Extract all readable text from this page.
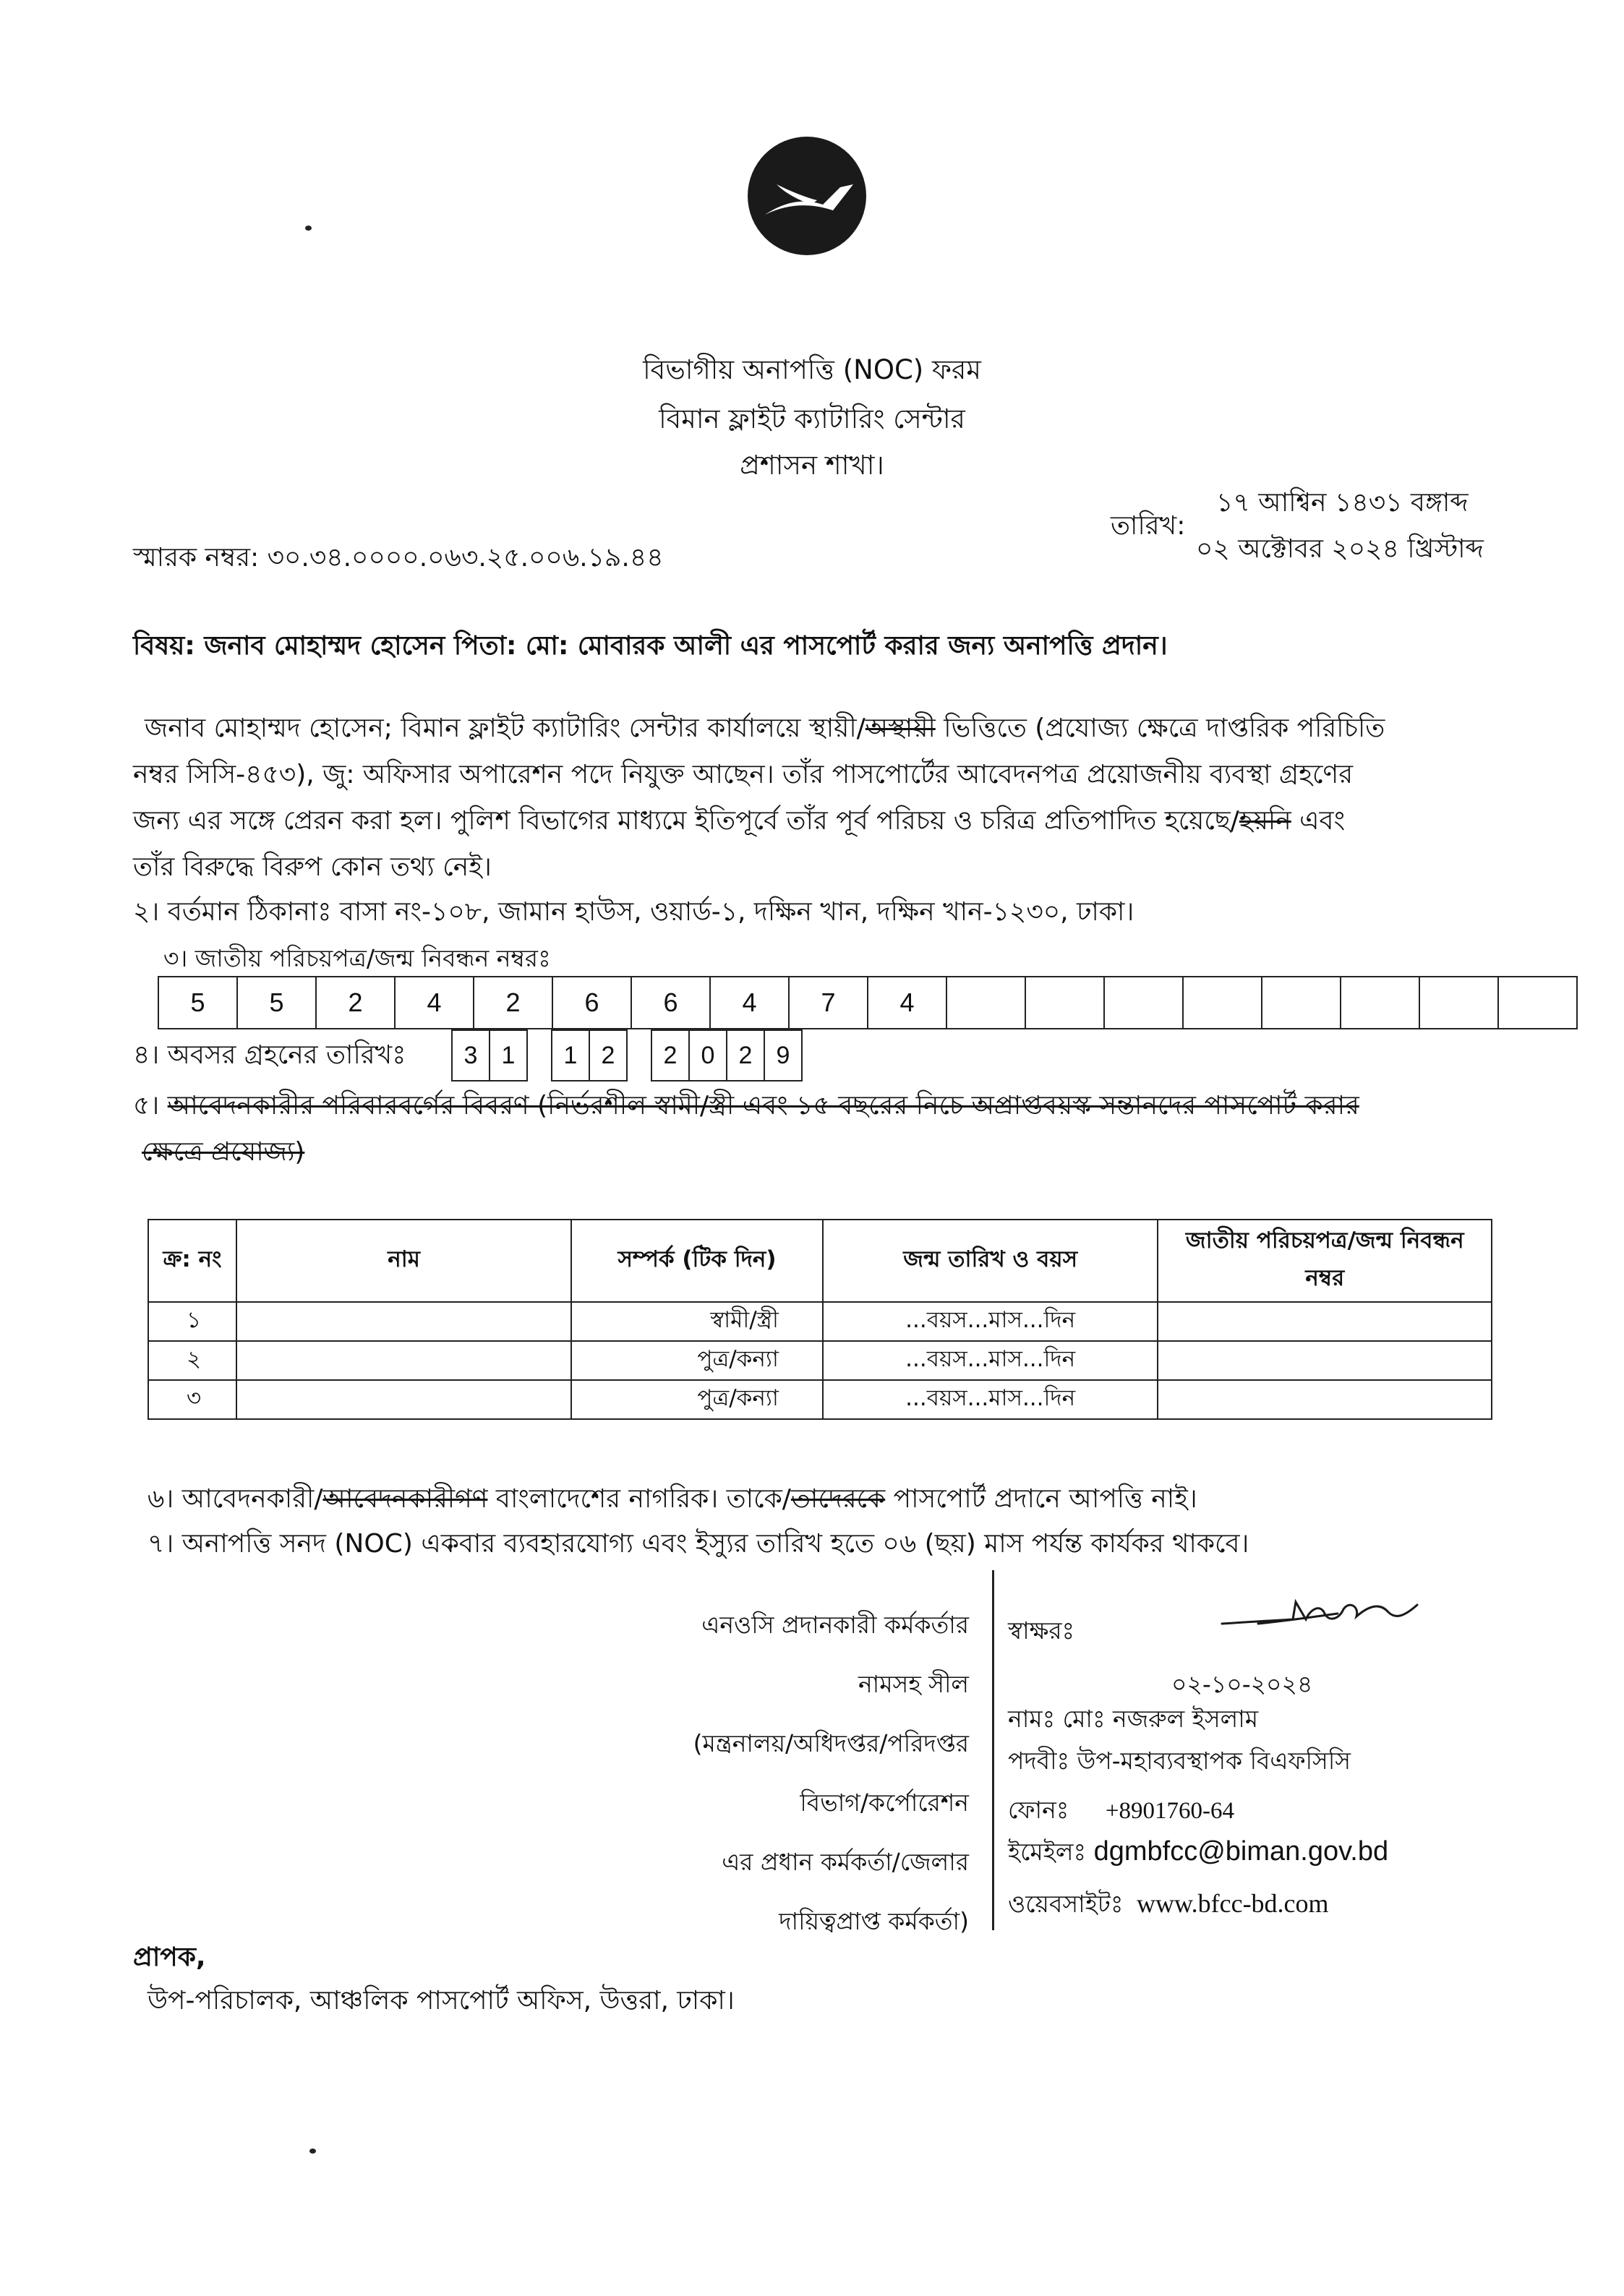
বিভাগীয় অনাপত্তি (NOC) ফরম
বিমান ফ্লাইট ক্যাটারিং সেন্টার
প্রশাসন শাখা।
১৭ আশ্বিন ১৪৩১ বঙ্গাব্দ
তারিখ:
০২ অক্টোবর ২০২৪ খ্রিস্টাব্দ
স্মারক নম্বর: ৩০.৩৪.০০০০.০৬৩.২৫.০০৬.১৯.৪৪
বিষয়: জনাব মোহাম্মদ হোসেন পিতা: মো: মোবারক আলী এর পাসপোর্ট করার জন্য অনাপত্তি প্রদান।
জনাব মোহাম্মদ হোসেন; বিমান ফ্লাইট ক্যাটারিং সেন্টার কার্যালয়ে স্থায়ী/অস্থায়ী ভিত্তিতে (প্রযোজ্য ক্ষেত্রে দাপ্তরিক পরিচিতি
নম্বর সিসি-৪৫৩), জু: অফিসার অপারেশন পদে নিযুক্ত আছেন। তাঁর পাসপোর্টের আবেদনপত্র প্রয়োজনীয় ব্যবস্থা গ্রহণের
জন্য এর সঙ্গে প্রেরন করা হল। পুলিশ বিভাগের মাধ্যমে ইতিপূর্বে তাঁর পূর্ব পরিচয় ও চরিত্র প্রতিপাদিত হয়েছে/হয়নি এবং
তাঁর বিরুদ্ধে বিরুপ কোন তথ্য নেই।
২। বর্তমান ঠিকানাঃ বাসা নং-১০৮, জামান হাউস, ওয়ার্ড-১, দক্ষিন খান, দক্ষিন খান-১২৩০, ঢাকা।
৩। জাতীয় পরিচয়পত্র/জন্ম নিবন্ধন নম্বরঃ
5	5	2	4	2	6	6	4	7	4
৪। অবসর গ্রহনের তারিখঃ	3 1	1 2	2 0 2 9
৫। আবেদনকারীর পরিবারবর্গের বিবরণ (নির্ভরশীল স্বামী/স্ত্রী এবং ১৫ বছরের নিচে অপ্রাপ্তবয়স্ক সন্তানদের পাসপোর্ট করার
ক্ষেত্রে প্রযোজ্য)
ক্র: নং	নাম	সম্পর্ক (টিক দিন)	জন্ম তারিখ ও বয়স	জাতীয় পরিচয়পত্র/জন্ম নিবন্ধন নম্বর
১		স্বামী/স্ত্রী	...বয়স...মাস...দিন	
২		পুত্র/কন্যা	...বয়স...মাস...দিন	
৩		পুত্র/কন্যা	...বয়স...মাস...দিন	
৬। আবেদনকারী/আবেদনকারীগণ বাংলাদেশের নাগরিক। তাকে/তাদেরকে পাসপোর্ট প্রদানে আপত্তি নাই।
৭। অনাপত্তি সনদ (NOC) একবার ব্যবহারযোগ্য এবং ইস্যুর তারিখ হতে ০৬ (ছয়) মাস পর্যন্ত কার্যকর থাকবে।
এনওসি প্রদানকারী কর্মকর্তার
নামসহ সীল
(মন্ত্রনালয়/অধিদপ্তর/পরিদপ্তর
বিভাগ/কর্পোরেশন
এর প্রধান কর্মকর্তা/জেলার
দায়িত্বপ্রাপ্ত কর্মকর্তা)
স্বাক্ষরঃ
০২-১০-২০২৪
নামঃ মোঃ নজরুল ইসলাম
পদবীঃ উপ-মহাব্যবস্থাপক বিএফসিসি
ফোনঃ +8901760-64
ইমেইলঃ dgmbfcc@biman.gov.bd
ওয়েবসাইটঃ www.bfcc-bd.com
প্রাপক,
উপ-পরিচালক, আঞ্চলিক পাসপোর্ট অফিস, উত্তরা, ঢাকা।
